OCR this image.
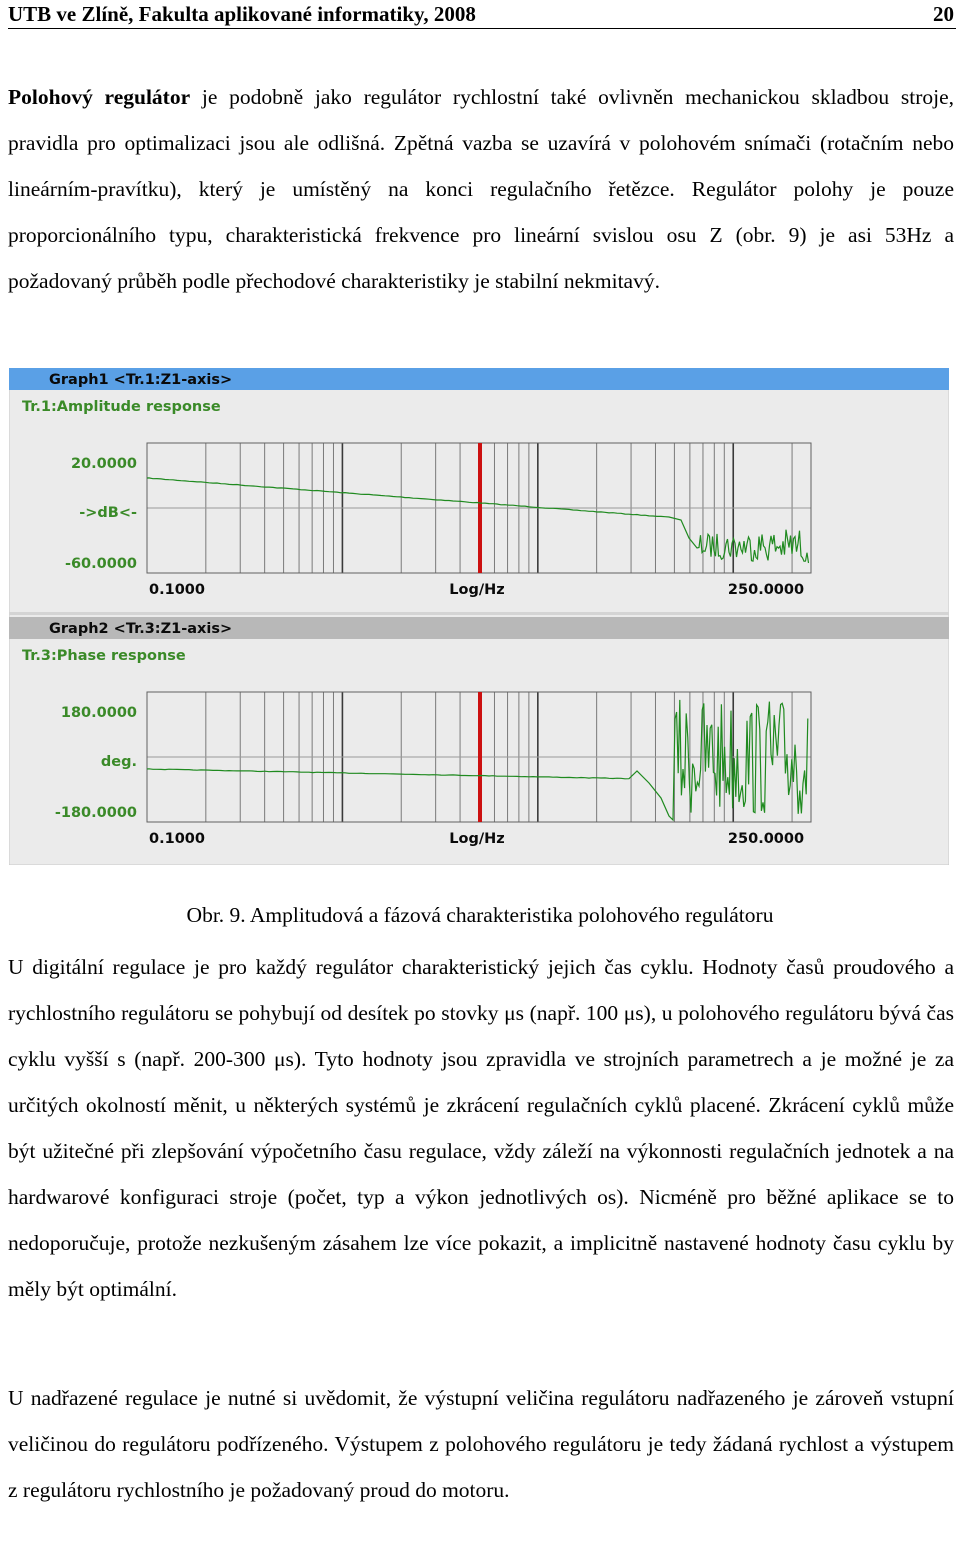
UTB ve Zlíně, Fakulta aplikované informatiky, 2008	20
Polohový regulátor je podobně jako regulátor rychlostní také ovlivněn mechanickou skladbou stroje, pravidla pro optimalizaci jsou ale odlišná. Zpětná vazba se uzavírá v polohovém snímači (rotačním nebo lineárním-pravítku), který je umístěný na konci regulačního řetězce. Regulátor polohy je pouze proporcionálního typu, charakteristická frekvence pro lineární svislou osu Z (obr. 9) je asi 53Hz a požadovaný průběh podle přechodové charakteristiky je stabilní nekmitavý.
Graph1 <Tr.1:Z1-axis>
Tr.1:Amplitude response
20.0000
->dB<-
-60.0000
0.1000	Log/Hz	250.0000
Graph2 <Tr.3:Z1-axis>
Tr.3:Phase response
180.0000
deg.
-180.0000
0.1000	Log/Hz	250.0000
Obr. 9. Amplitudová a fázová charakteristika polohového regulátoru
U digitální regulace je pro každý regulátor charakteristický jejich čas cyklu. Hodnoty časů proudového a rychlostního regulátoru se pohybují od desítek po stovky μs (např. 100 μs), u polohového regulátoru bývá čas cyklu vyšší s (např. 200-300 μs). Tyto hodnoty jsou zpravidla ve strojních parametrech a je možné je za určitých okolností měnit, u některých systémů je zkrácení regulačních cyklů placené. Zkrácení cyklů může být užitečné při zlepšování výpočetního času regulace, vždy záleží na výkonnosti regulačních jednotek a na hardwarové konfiguraci stroje (počet, typ a výkon jednotlivých os). Nicméně pro běžné aplikace se to nedoporučuje, protože nezkušeným zásahem lze více pokazit, a implicitně nastavené hodnoty času cyklu by měly být optimální.
U nadřazené regulace je nutné si uvědomit, že výstupní veličina regulátoru nadřazeného je zároveň vstupní veličinou do regulátoru podřízeného. Výstupem z polohového regulátoru je tedy žádaná rychlost a výstupem z regulátoru rychlostního je požadovaný proud do motoru.
